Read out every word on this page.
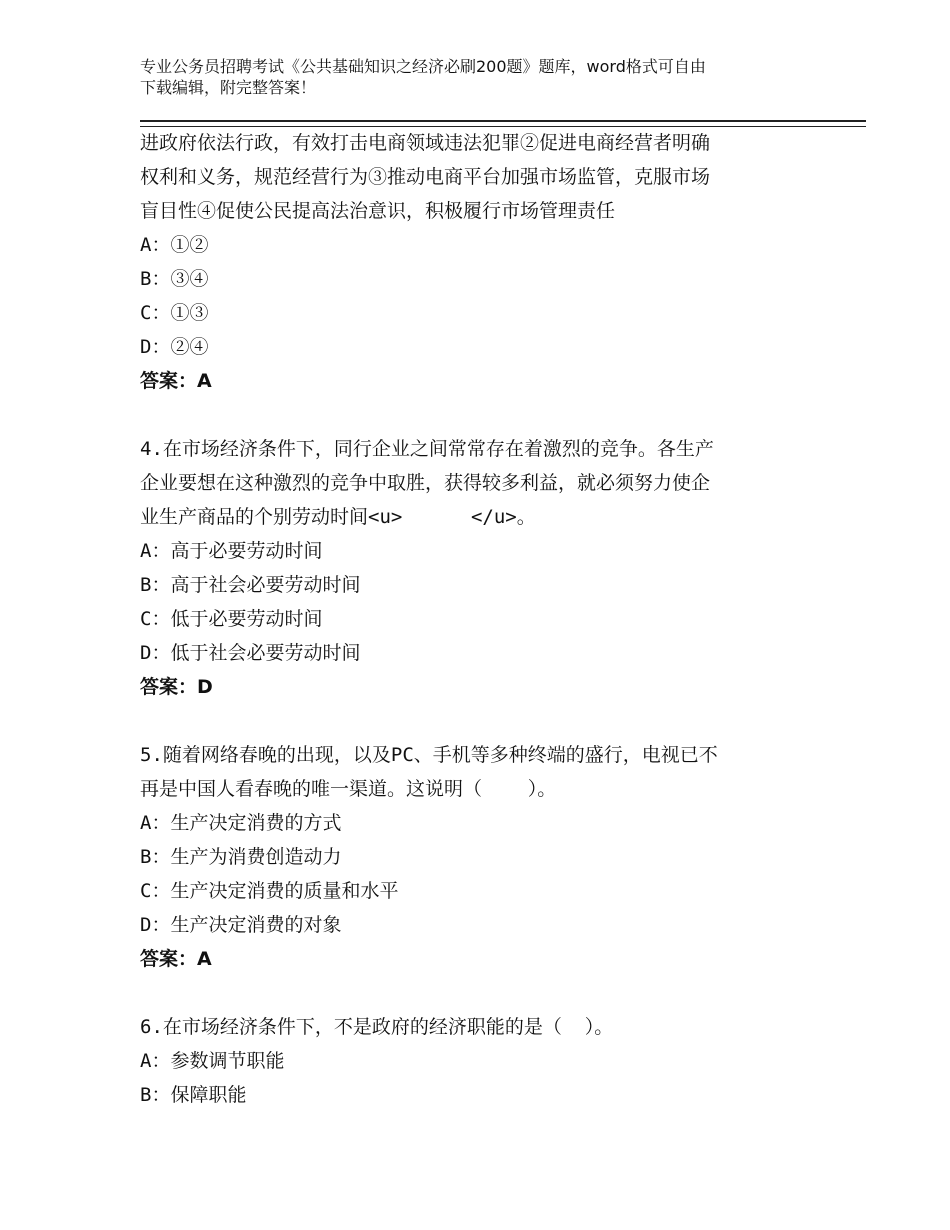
专业公务员招聘考试《公共基础知识之经济必刷200题》题库，word格式可自由
下载编辑，附完整答案！
进政府依法行政，有效打击电商领域违法犯罪②促进电商经营者明确
权利和义务，规范经营行为③推动电商平台加强市场监管，克服市场
盲目性④促使公民提高法治意识，积极履行市场管理责任
A：①②
B：③④
C：①③
D：②④
答案：A
4.在市场经济条件下，同行企业之间常常存在着激烈的竞争。各生产
企业要想在这种激烈的竞争中取胜，获得较多利益，就必须努力使企
业生产商品的个别劳动时间<u>      </u>。
A：高于必要劳动时间
B：高于社会必要劳动时间
C：低于必要劳动时间
D：低于社会必要劳动时间
答案：D
5.随着网络春晚的出现，以及PC、手机等多种终端的盛行，电视已不
再是中国人看春晚的唯一渠道。这说明（    ）。
A：生产决定消费的方式
B：生产为消费创造动力
C：生产决定消费的质量和水平
D：生产决定消费的对象
答案：A
6.在市场经济条件下，不是政府的经济职能的是（  ）。
A：参数调节职能
B：保障职能
